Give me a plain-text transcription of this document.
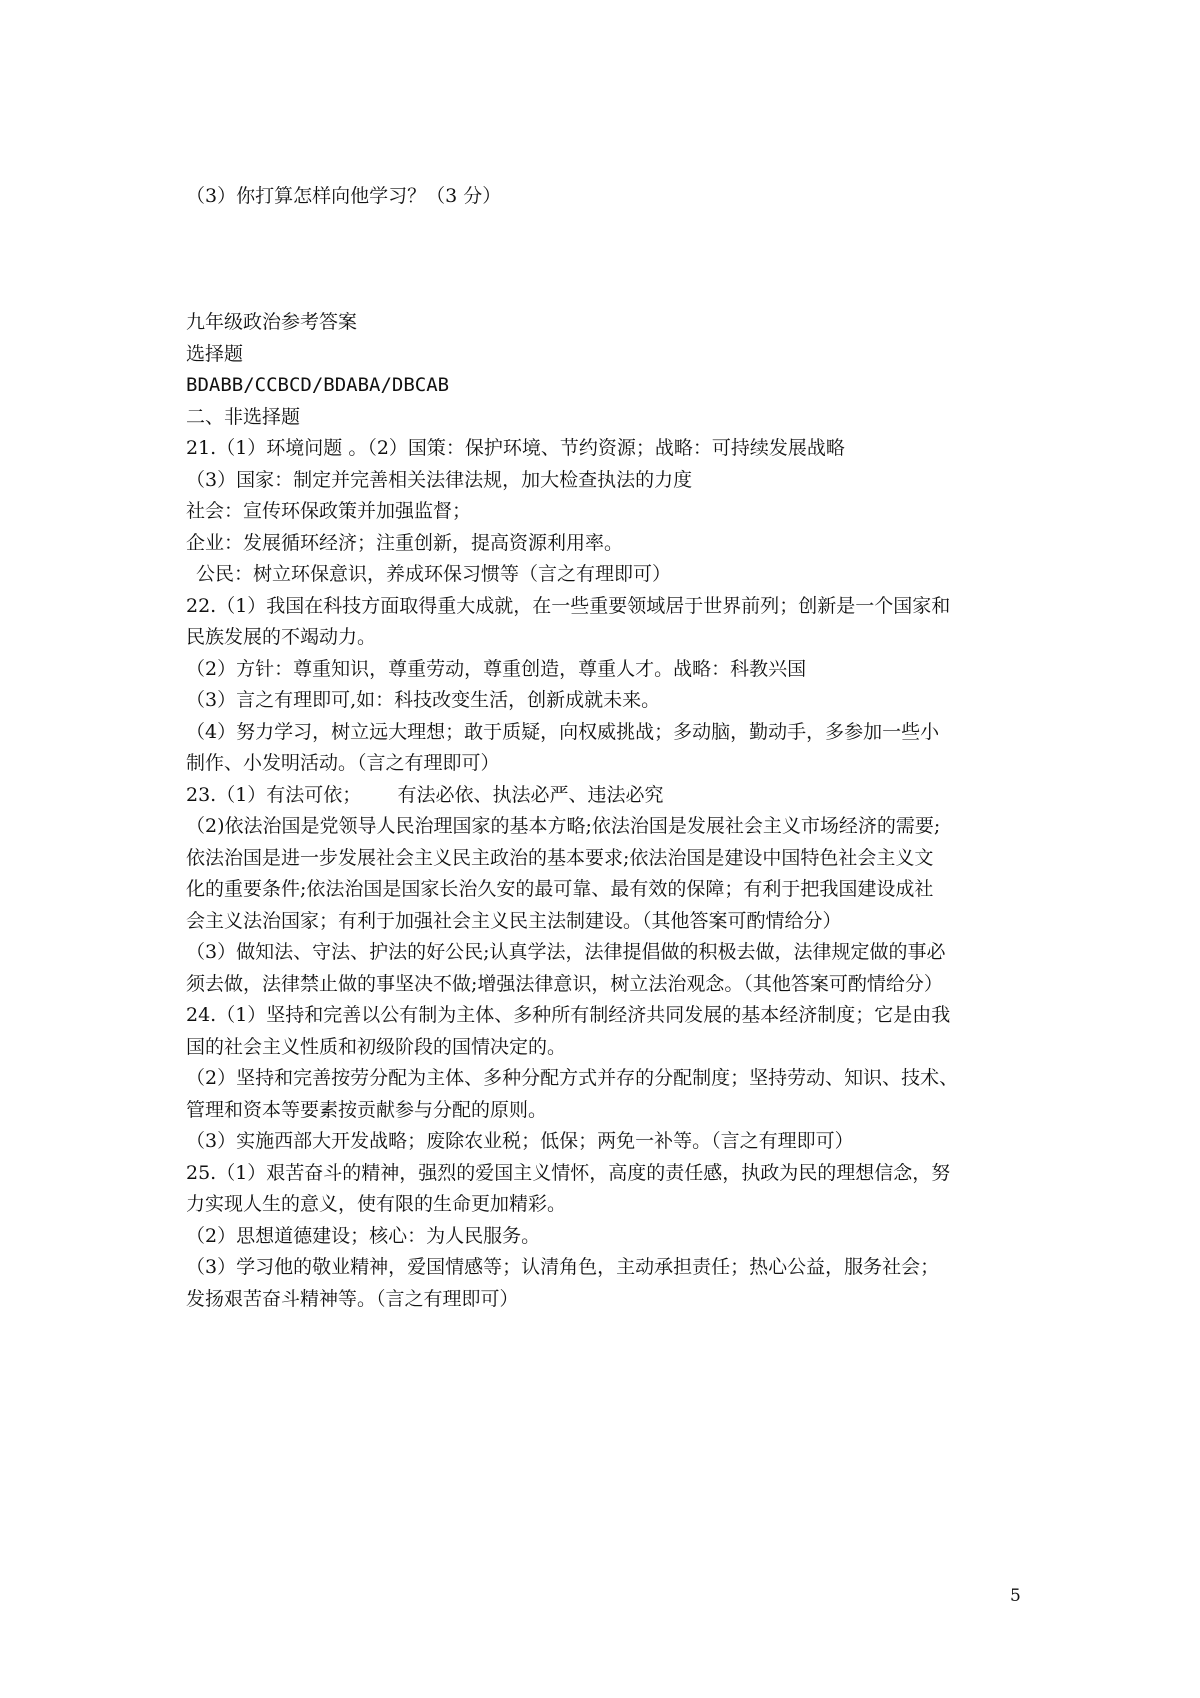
（3）你打算怎样向他学习？（3 分）
九年级政治参考答案
选择题
BDABB/CCBCD/BDABA/DBCAB
二、非选择题
21.（1）环境问题 。（2）国策：保护环境、节约资源；战略：可持续发展战略
（3）国家：制定并完善相关法律法规，加大检查执法的力度
社会：宣传环保政策并加强监督；
企业：发展循环经济；注重创新，提高资源利用率。
公民：树立环保意识，养成环保习惯等（言之有理即可）
22.（1）我国在科技方面取得重大成就，在一些重要领域居于世界前列；创新是一个国家和
民族发展的不竭动力。
（2）方针：尊重知识，尊重劳动，尊重创造，尊重人才。战略：科教兴国
（3）言之有理即可,如：科技改变生活，创新成就未来。
（4）努力学习，树立远大理想；敢于质疑，向权威挑战；多动脑，勤动手，多参加一些小
制作、小发明活动。（言之有理即可）
23.（1）有法可依；      有法必依、执法必严、违法必究
（2)依法治国是党领导人民治理国家的基本方略;依法治国是发展社会主义市场经济的需要;
依法治国是进一步发展社会主义民主政治的基本要求;依法治国是建设中国特色社会主义文
化的重要条件;依法治国是国家长治久安的最可靠、最有效的保障；有利于把我国建设成社
会主义法治国家；有利于加强社会主义民主法制建设。（其他答案可酌情给分）
（3）做知法、守法、护法的好公民;认真学法，法律提倡做的积极去做，法律规定做的事必
须去做，法律禁止做的事坚决不做;增强法律意识，树立法治观念。（其他答案可酌情给分）
24.（1）坚持和完善以公有制为主体、多种所有制经济共同发展的基本经济制度；它是由我
国的社会主义性质和初级阶段的国情决定的。
（2）坚持和完善按劳分配为主体、多种分配方式并存的分配制度；坚持劳动、知识、技术、
管理和资本等要素按贡献参与分配的原则。
（3）实施西部大开发战略；废除农业税；低保；两免一补等。（言之有理即可）
25.（1）艰苦奋斗的精神，强烈的爱国主义情怀，高度的责任感，执政为民的理想信念，努
力实现人生的意义，使有限的生命更加精彩。
（2）思想道德建设；核心：为人民服务。
（3）学习他的敬业精神，爱国情感等；认清角色，主动承担责任；热心公益，服务社会；
发扬艰苦奋斗精神等。（言之有理即可）
5
